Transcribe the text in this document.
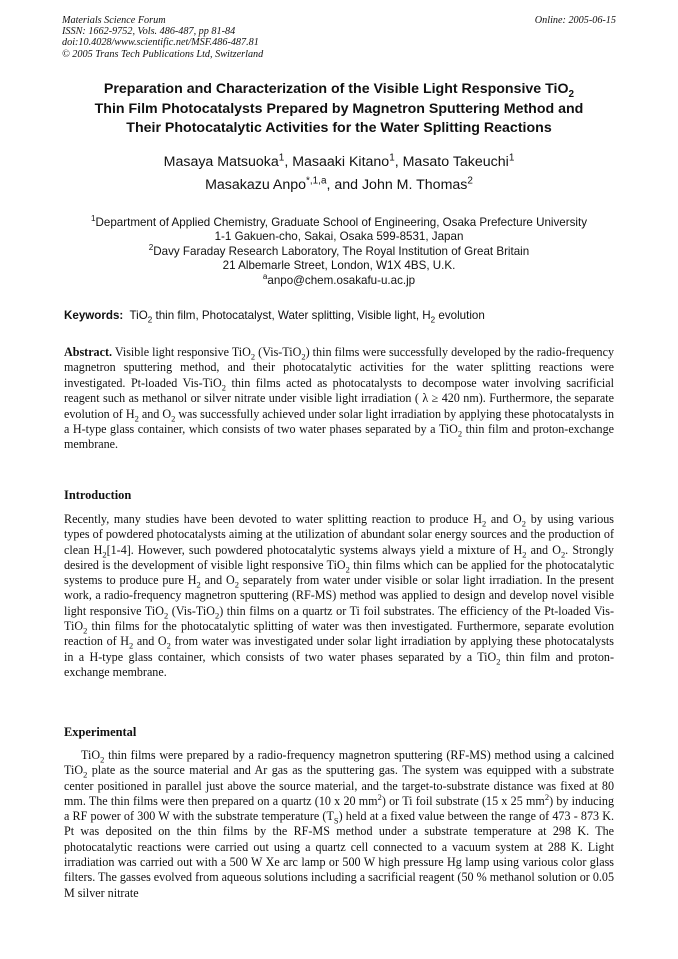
Materials Science Forum
ISSN: 1662-9752, Vols. 486-487, pp 81-84
doi:10.4028/www.scientific.net/MSF.486-487.81
© 2005 Trans Tech Publications Ltd, Switzerland
Online: 2005-06-15
Preparation and Characterization of the Visible Light Responsive TiO$_2$
Thin Film Photocatalysts Prepared by Magnetron Sputtering Method and
Their Photocatalytic Activities for the Water Splitting Reactions
Masaya Matsuoka$^1$, Masaaki Kitano$^1$, Masato Takeuchi$^1$
Masakazu Anpo$^{*,1,a}$, and John M. Thomas$^2$
$^1$Department of Applied Chemistry, Graduate School of Engineering, Osaka Prefecture University
1-1 Gakuen-cho, Sakai, Osaka 599-8531, Japan
$^2$Davy Faraday Research Laboratory, The Royal Institution of Great Britain
21 Albemarle Street, London, W1X 4BS, U.K.
$^a$anpo@chem.osakafu-u.ac.jp
Keywords: TiO$_2$ thin film, Photocatalyst, Water splitting, Visible light, $H_2$ evolution
Abstract. Visible light responsive TiO$_2$ (Vis-TiO$_2$) thin films were successfully developed by the radio-frequency magnetron sputtering method, and their photocatalytic activities for the water splitting reactions were investigated. Pt-loaded Vis-TiO$_2$ thin films acted as photocatalysts to decompose water involving sacrificial reagent such as methanol or silver nitrate under visible light irradiation ( λ ≥ 420 nm). Furthermore, the separate evolution of $H_2$ and $O_2$ was successfully achieved under solar light irradiation by applying these photocatalysts in a H-type glass container, which consists of two water phases separated by a TiO$_2$ thin film and proton-exchange membrane.
Introduction
Recently, many studies have been devoted to water splitting reaction to produce $H_2$ and $O_2$ by using various types of powdered photocatalysts aiming at the utilization of abundant solar energy sources and the production of clean $H_2[1-4]$. However, such powdered photocatalytic systems always yield a mixture of $H_2$ and $O_2$. Strongly desired is the development of visible light responsive TiO$_2$ thin films which can be applied for the photocatalytic systems to produce pure $H_2$ and $O_2$ separately from water under visible or solar light irradiation. In the present work, a radio-frequency magnetron sputtering (RF-MS) method was applied to design and develop novel visible light responsive TiO$_2$ (Vis-TiO$_2$) thin films on a quartz or Ti foil substrates. The efficiency of the Pt-loaded Vis-TiO$_2$ thin films for the photocatalytic splitting of water was then investigated. Furthermore, separate evolution reaction of $H_2$ and $O_2$ from water was investigated under solar light irradiation by applying these photocatalysts in a H-type glass container, which consists of two water phases separated by a TiO$_2$ thin film and proton-exchange membrane.
Experimental
TiO$_2$ thin films were prepared by a radio-frequency magnetron sputtering (RF-MS) method using a calcined TiO$_2$ plate as the source material and Ar gas as the sputtering gas. The system was equipped with a substrate center positioned in parallel just above the source material, and the target-to-substrate distance was fixed at 80 mm. The thin films were then prepared on a quartz (10 x 20 $mm^2$) or Ti foil substrate (15 x 25 $mm^2$) by inducing a RF power of 300 W with the substrate temperature $(T_S)$ held at a fixed value between the range of 473 - 873 K. Pt was deposited on the thin films by the RF-MS method under a substrate temperature at 298 K. The photocatalytic reactions were carried out using a quartz cell connected to a vacuum system at 288 K. Light irradiation was carried out with a 500 W Xe arc lamp or 500 W high pressure Hg lamp using various color glass filters. The gasses evolved from aqueous solutions including a sacrificial reagent (50 % methanol solution or 0.05 M silver nitrate
